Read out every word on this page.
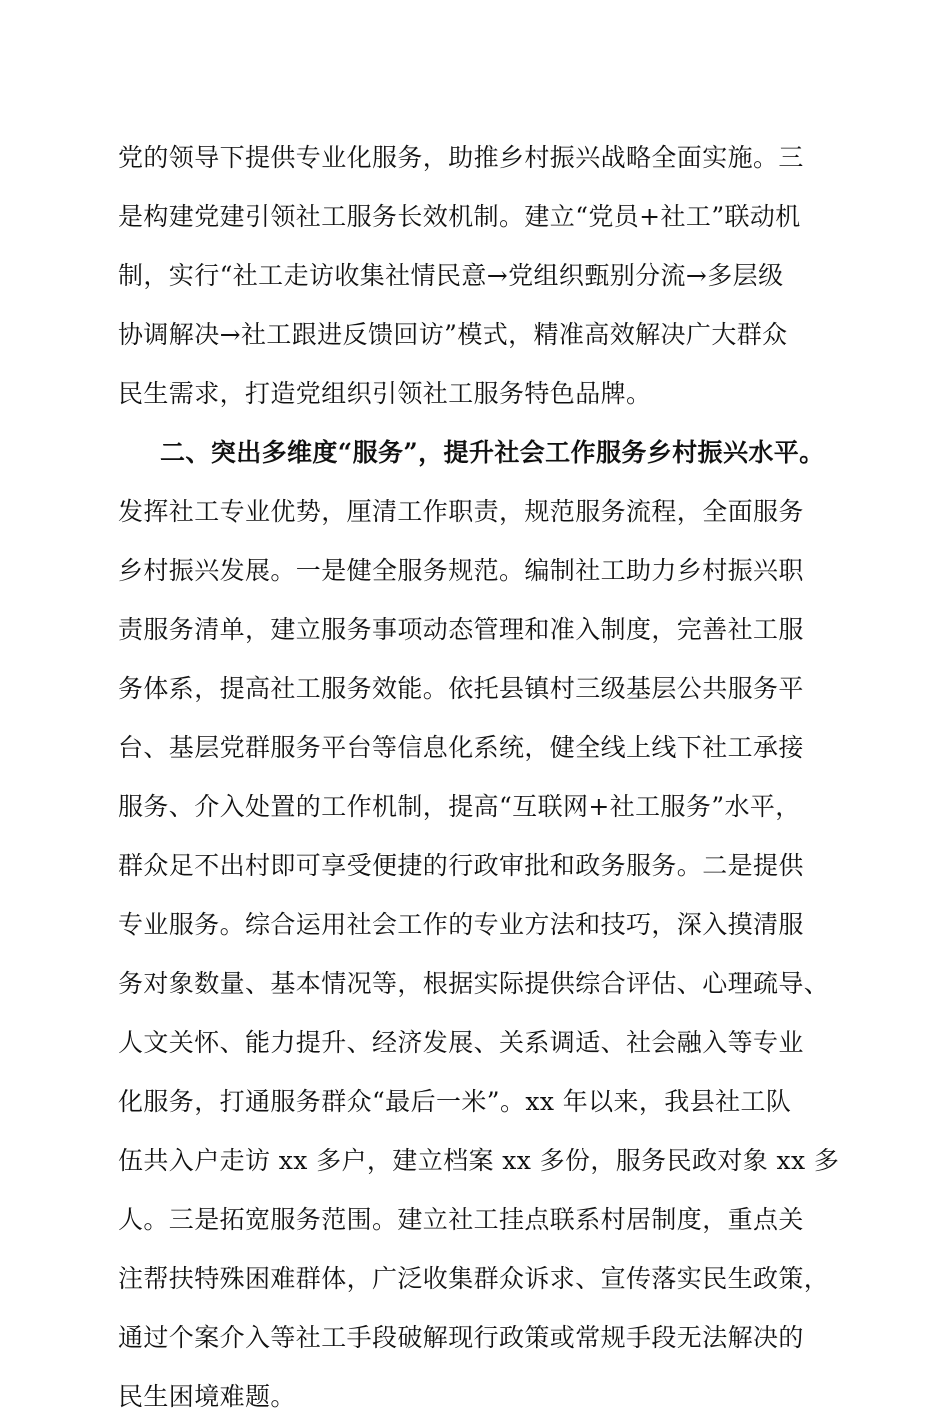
党的领导下提供专业化服务，助推乡村振兴战略全面实施。三
是构建党建引领社工服务长效机制。建立“党员+社工”联动机
制，实行“社工走访收集社情民意→党组织甄别分流→多层级
协调解决→社工跟进反馈回访”模式，精准高效解决广大群众
民生需求，打造党组织引领社工服务特色品牌。
二、突出多维度“服务”，提升社会工作服务乡村振兴水平。
发挥社工专业优势，厘清工作职责，规范服务流程，全面服务
乡村振兴发展。一是健全服务规范。编制社工助力乡村振兴职
责服务清单，建立服务事项动态管理和准入制度，完善社工服
务体系，提高社工服务效能。依托县镇村三级基层公共服务平
台、基层党群服务平台等信息化系统，健全线上线下社工承接
服务、介入处置的工作机制，提高“互联网+社工服务”水平，
群众足不出村即可享受便捷的行政审批和政务服务。二是提供
专业服务。综合运用社会工作的专业方法和技巧，深入摸清服
务对象数量、基本情况等，根据实际提供综合评估、心理疏导、
人文关怀、能力提升、经济发展、关系调适、社会融入等专业
化服务，打通服务群众“最后一米”。xx 年以来，我县社工队
伍共入户走访 xx 多户，建立档案 xx 多份，服务民政对象 xx 多
人。三是拓宽服务范围。建立社工挂点联系村居制度，重点关
注帮扶特殊困难群体，广泛收集群众诉求、宣传落实民生政策，
通过个案介入等社工手段破解现行政策或常规手段无法解决的
民生困境难题。
